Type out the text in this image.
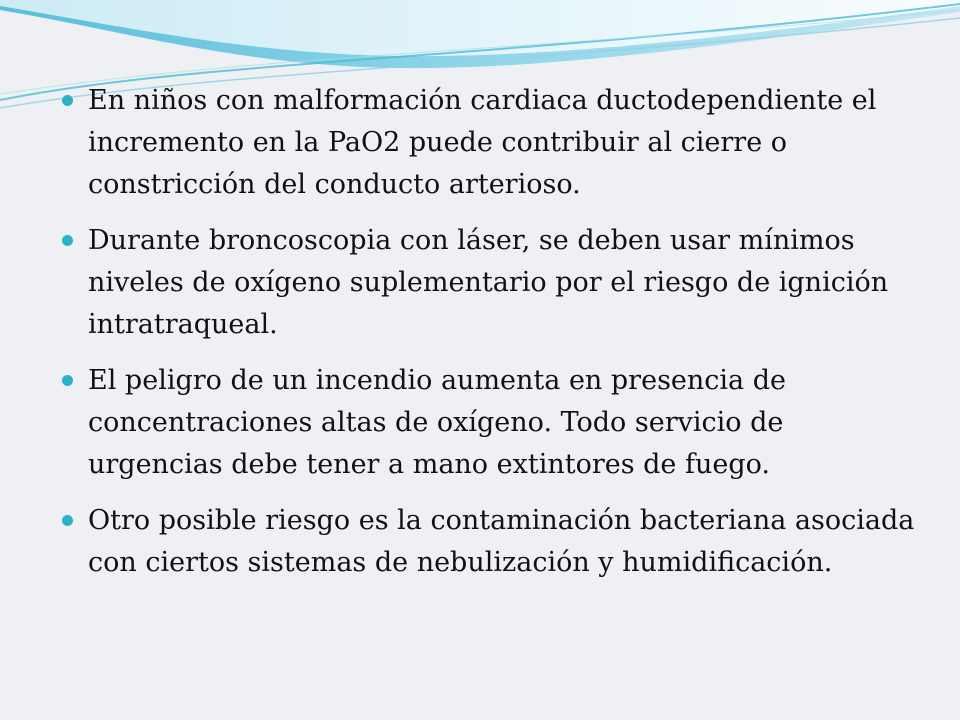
En niños con malformación cardiaca ductodependiente el incremento en la PaO2 puede contribuir al cierre o constricción del conducto arterioso.
Durante broncoscopia con láser, se deben usar mínimos niveles de oxígeno suplementario por el riesgo de ignición intratraqueal.
El peligro de un incendio aumenta en presencia de concentraciones altas de oxígeno. Todo servicio de urgencias debe tener a mano extintores de fuego.
Otro posible riesgo es la contaminación bacteriana asociada con ciertos sistemas de nebulización y humidificación.
